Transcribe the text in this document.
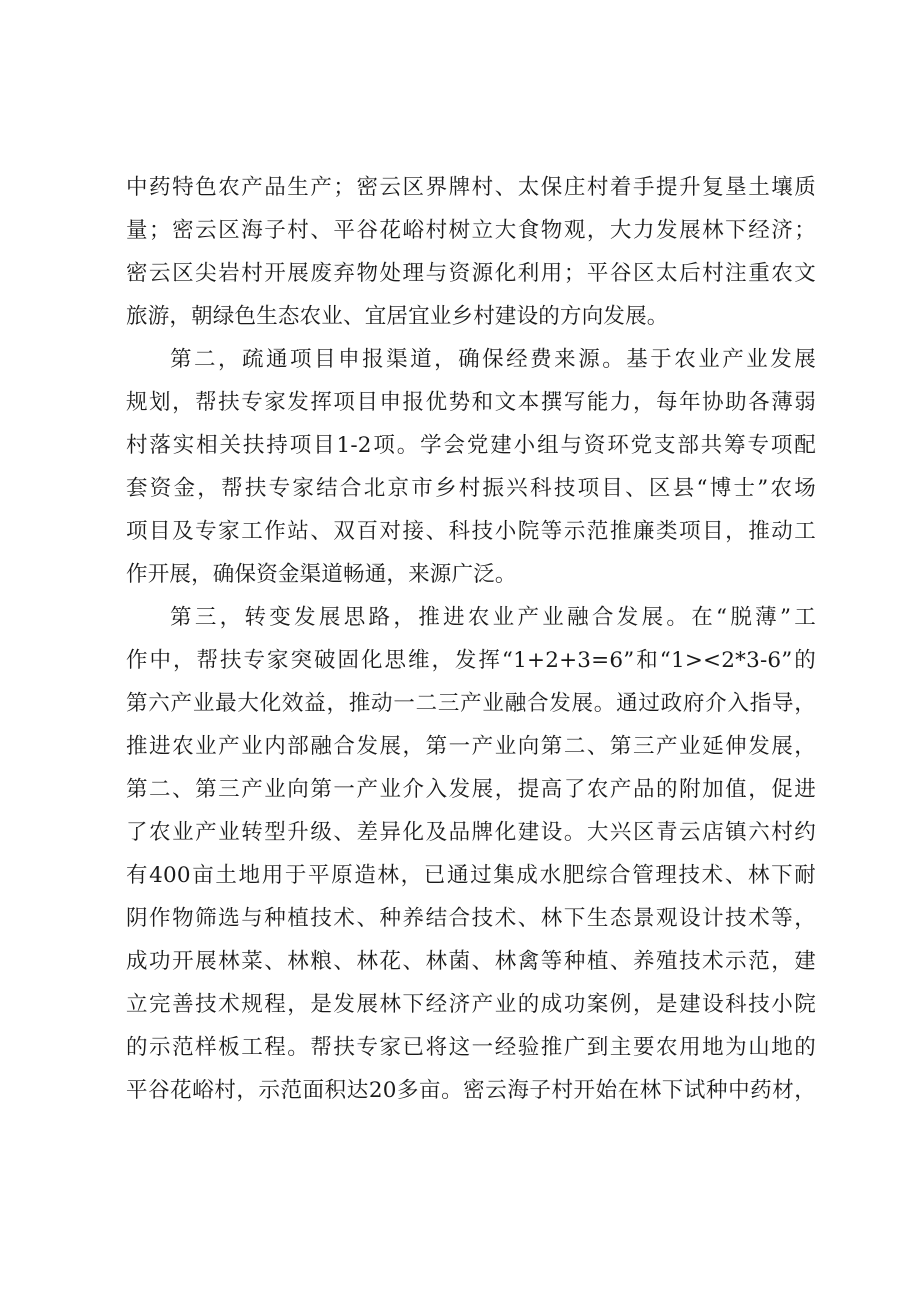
中药特色农产品生产；密云区界牌村、太保庄村着手提升复垦土壤质
量；密云区海子村、平谷花峪村树立大食物观，大力发展林下经济；
密云区尖岩村开展废弃物处理与资源化利用；平谷区太后村注重农文
旅游，朝绿色生态农业、宜居宜业乡村建设的方向发展。
第二，疏通项目申报渠道，确保经费来源。基于农业产业发展
规划，帮扶专家发挥项目申报优势和文本撰写能力，每年协助各薄弱
村落实相关扶持项目1-2项。学会党建小组与资环党支部共筹专项配
套资金，帮扶专家结合北京市乡村振兴科技项目、区县“博士”农场
项目及专家工作站、双百对接、科技小院等示范推廉类项目，推动工
作开展，确保资金渠道畅通，来源广泛。
第三，转变发展思路，推进农业产业融合发展。在“脱薄”工
作中，帮扶专家突破固化思维，发挥“1+2+3=6”和“1><2*3-6”的
第六产业最大化效益，推动一二三产业融合发展。通过政府介入指导，
推进农业产业内部融合发展，第一产业向第二、第三产业延伸发展，
第二、第三产业向第一产业介入发展，提高了农产品的附加值，促进
了农业产业转型升级、差异化及品牌化建设。大兴区青云店镇六村约
有400亩土地用于平原造林，已通过集成水肥综合管理技术、林下耐
阴作物筛选与种植技术、种养结合技术、林下生态景观设计技术等，
成功开展林菜、林粮、林花、林菌、林禽等种植、养殖技术示范，建
立完善技术规程，是发展林下经济产业的成功案例，是建设科技小院
的示范样板工程。帮扶专家已将这一经验推广到主要农用地为山地的
平谷花峪村，示范面积达20多亩。密云海子村开始在林下试种中药材，
